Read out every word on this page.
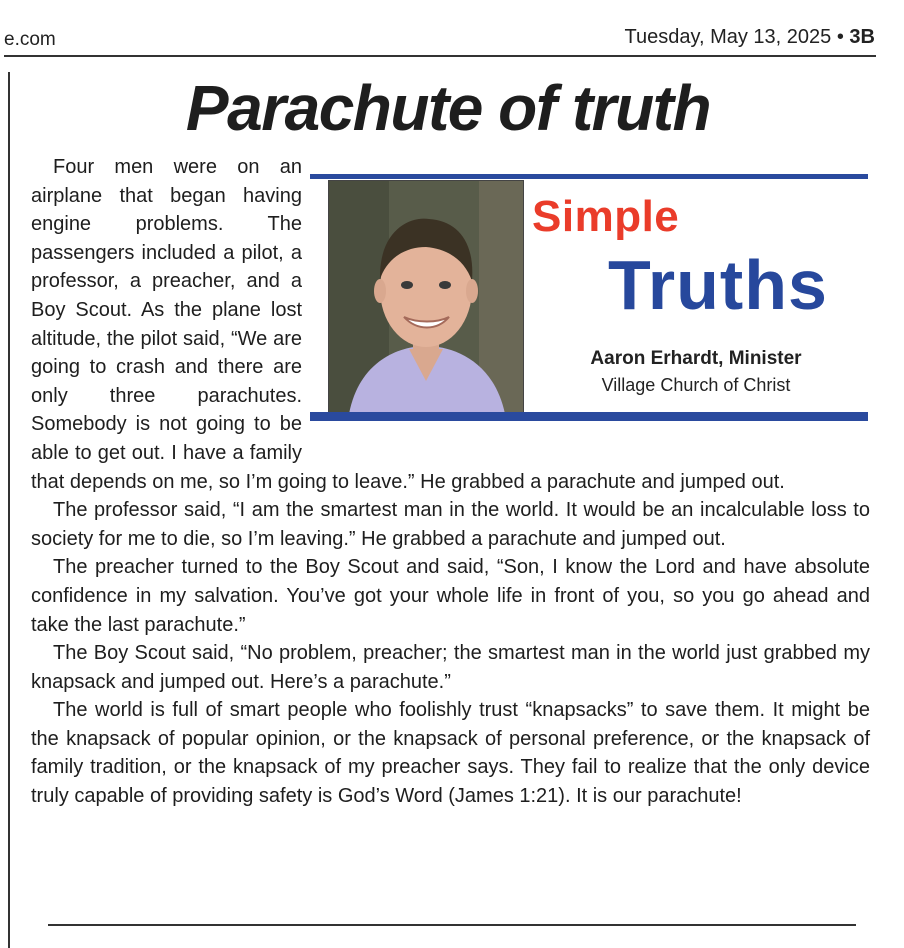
e.com	Tuesday, May 13, 2025 • 3B
Parachute of truth

Four men were on an airplane that began having engine problems. The passengers included a pilot, a professor, a preacher, and a Boy Scout. As the plane lost altitude, the pilot said, “We are going to crash and there are only three parachutes. Somebody is not going to be able to get out. I have a family that depends on me, so I’m going to leave.” He grabbed a parachute and jumped out.

The professor said, “I am the smartest man in the world. It would be an incalculable loss to society for me to die, so I’m leaving.” He grabbed a parachute and jumped out.

The preacher turned to the Boy Scout and said, “Son, I know the Lord and have absolute confidence in my salvation. You’ve got your whole life in front of you, so you go ahead and take the last parachute.”

The Boy Scout said, “No problem, preacher; the smartest man in the world just grabbed my knapsack and jumped out. Here’s a parachute.”

The world is full of smart people who foolishly trust “knapsacks” to save them. It might be the knapsack of popular opinion, or the knapsack of personal preference, or the knapsack of family tradition, or the knapsack of my preacher says. They fail to realize that the only device truly capable of providing safety is God’s Word (James 1:21). It is our parachute!

Simple
Truths
Aaron Erhardt, Minister
Village Church of Christ
